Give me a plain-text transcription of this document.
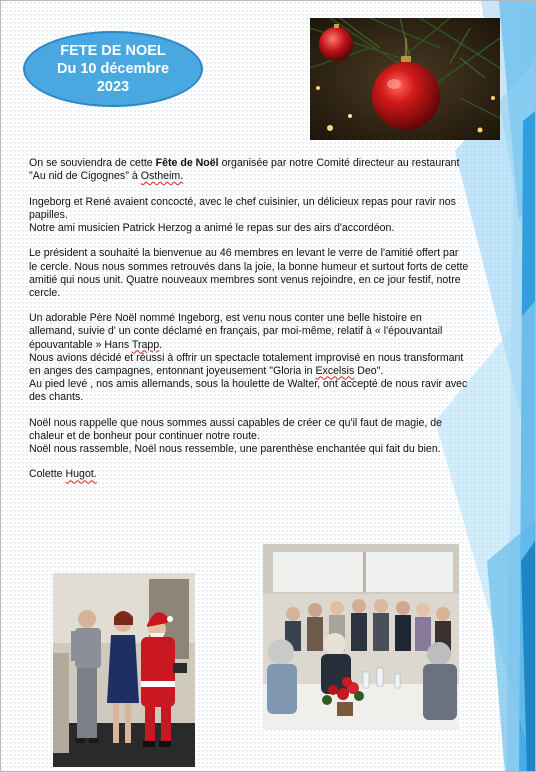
FETE DE NOEL
Du 10 décembre
2023

On se souviendra de cette Fête de Noël organisée par notre Comité directeur au restaurant "Au nid de Cigognes" à Ostheim.

Ingeborg et René avaient concocté, avec le chef cuisinier, un délicieux repas pour ravir nos papilles.
Notre ami musicien Patrick Herzog a animé le repas sur des airs d'accordéon.

Le président a souhaité la bienvenue au 46 membres en levant le verre de l'amitié offert par le cercle. Nous nous sommes retrouvés dans la joie, la bonne humeur et surtout forts de cette amitié qui nous unit. Quatre nouveaux membres sont venus rejoindre, en ce jour festif, notre cercle.

Un adorable Père Noël nommé Ingeborg, est venu nous conter une belle histoire en allemand, suivie d' un conte déclamé en français, par moi-même, relatif à « l'épouvantail épouvantable » Hans Trapp.
Nous avions décidé et réussi à offrir un spectacle totalement improvisé en nous transformant en anges des campagnes, entonnant joyeusement "Gloria in Excelsis Deo".
Au pied levé , nos amis allemands, sous la houlette de Walter, ont accepté de nous ravir avec des chants.

Noël nous rappelle que nous sommes aussi capables de créer ce qu'il faut de magie, de chaleur et de bonheur pour continuer notre route.
Noël nous rassemble, Noël nous ressemble, une parenthèse enchantée qui fait du bien.

Colette Hugot.
